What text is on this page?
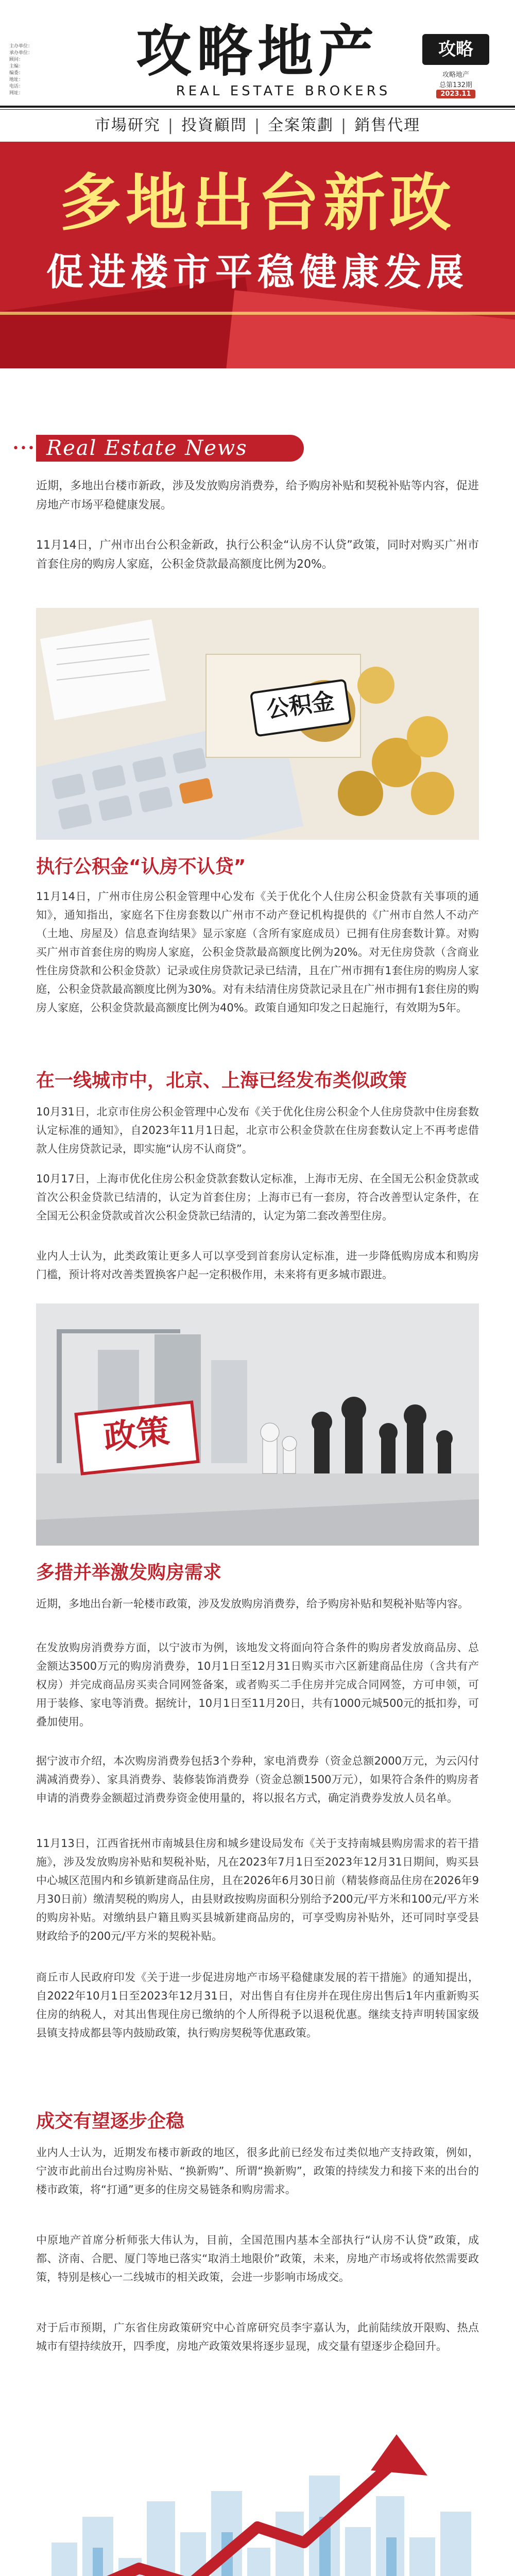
主办单位：
承办单位：
顾问：
主编：
编委：
地址：
电话：
网址：
攻略地产
REAL ESTATE BROKERS
攻略
攻略地产
总第132期
2023.11
市場研究 | 投資顧問 | 全案策劃 | 銷售代理
多地出台新政
促进楼市平稳健康发展
••• Real Estate News
近期，多地出台楼市新政，涉及发放购房消费券，给予购房补贴和契税补贴等内容，促进房地产市场平稳健康发展。
11月14日，广州市出台公积金新政，执行公积金“认房不认贷”政策，同时对购买广州市首套住房的购房人家庭，公积金贷款最高额度比例为20%。
公积金
执行公积金“认房不认贷”
11月14日，广州市住房公积金管理中心发布《关于优化个人住房公积金贷款有关事项的通知》，通知指出，家庭名下住房套数以广州市不动产登记机构提供的《广州市自然人不动产（土地、房屋及）信息查询结果》显示家庭（含所有家庭成员）已拥有住房套数计算。对购买广州市首套住房的购房人家庭，公积金贷款最高额度比例为20%。对无住房贷款（含商业性住房贷款和公积金贷款）记录或住房贷款记录已结清，且在广州市拥有1套住房的购房人家庭，公积金贷款最高额度比例为30%。对有未结清住房贷款记录且在广州市拥有1套住房的购房人家庭，公积金贷款最高额度比例为40%。政策自通知印发之日起施行，有效期为5年。
在一线城市中，北京、上海已经发布类似政策
10月31日，北京市住房公积金管理中心发布《关于优化住房公积金个人住房贷款中住房套数认定标准的通知》，自2023年11月1日起，北京市公积金贷款在住房套数认定上不再考虑借款人住房贷款记录，即实施“认房不认商贷”。
10月17日，上海市优化住房公积金贷款套数认定标准，上海市无房、在全国无公积金贷款或首次公积金贷款已结清的，认定为首套住房；上海市已有一套房，符合改善型认定条件，在全国无公积金贷款或首次公积金贷款已结清的，认定为第二套改善型住房。
业内人士认为，此类政策让更多人可以享受到首套房认定标准，进一步降低购房成本和购房门槛，预计将对改善类置换客户起一定积极作用，未来将有更多城市跟进。
政策
多措并举激发购房需求
近期，多地出台新一轮楼市政策，涉及发放购房消费券，给予购房补贴和契税补贴等内容。
在发放购房消费券方面，以宁波市为例，该地发文将面向符合条件的购房者发放商品房、总金额达3500万元的购房消费券，10月1日至12月31日购买市六区新建商品住房（含共有产权房）并完成商品房买卖合同网签备案，或者购买二手住房并完成合同网签，方可申领，可用于装修、家电等消费。据统计，10月1日至11月20日，共有1000元城500元的抵扣券，可叠加使用。
据宁波市介绍，本次购房消费券包括3个券种，家电消费券（资金总额2000万元，为云闪付满减消费券）、家具消费券、装修装饰消费券（资金总额1500万元），如果符合条件的购房者申请的消费券金额超过消费券资金使用量的，将以报名方式，确定消费券发放人员名单。
11月13日，江西省抚州市南城县住房和城乡建设局发布《关于支持南城县购房需求的若干措施》，涉及发放购房补贴和契税补贴，凡在2023年7月1日至2023年12月31日期间，购买县中心城区范围内和乡镇新建商品住房，且在2026年6月30日前（精装修商品住房在2026年9月30日前）缴清契税的购房人，由县财政按购房面积分别给予200元/平方米和100元/平方米的购房补贴。对缴纳县户籍且购买县城新建商品房的，可享受购房补贴外，还可同时享受县财政给予的200元/平方米的契税补贴。
商丘市人民政府印发《关于进一步促进房地产市场平稳健康发展的若干措施》的通知提出，自2022年10月1日至2023年12月31日，对出售自有住房并在现住房出售后1年内重新购买住房的纳税人，对其出售现住房已缴纳的个人所得税予以退税优惠。继续支持声明转国家级县镇支持成都县等内鼓励政策，执行购房契税等优惠政策。
成交有望逐步企稳
业内人士认为，近期发布楼市新政的地区，很多此前已经发布过类似地产支持政策，例如，宁波市此前出台过购房补贴、“换新购”、所谓“换新购”，政策的持续发力和接下来的出台的楼市政策，将“打通”更多的住房交易链条和购房需求。
中原地产首席分析师张大伟认为，目前，全国范围内基本全部执行“认房不认贷”政策，成都、济南、合肥、厦门等地已落实“取消土地限价”政策，未来，房地产市场或将依然需要政策，特别是核心一二线城市的相关政策，会进一步影响市场成交。
对于后市预期，广东省住房政策研究中心首席研究员李宇嘉认为，此前陆续放开限购、热点城市有望持续放开，四季度，房地产政策效果将逐步显现，成交量有望逐步企稳回升。
